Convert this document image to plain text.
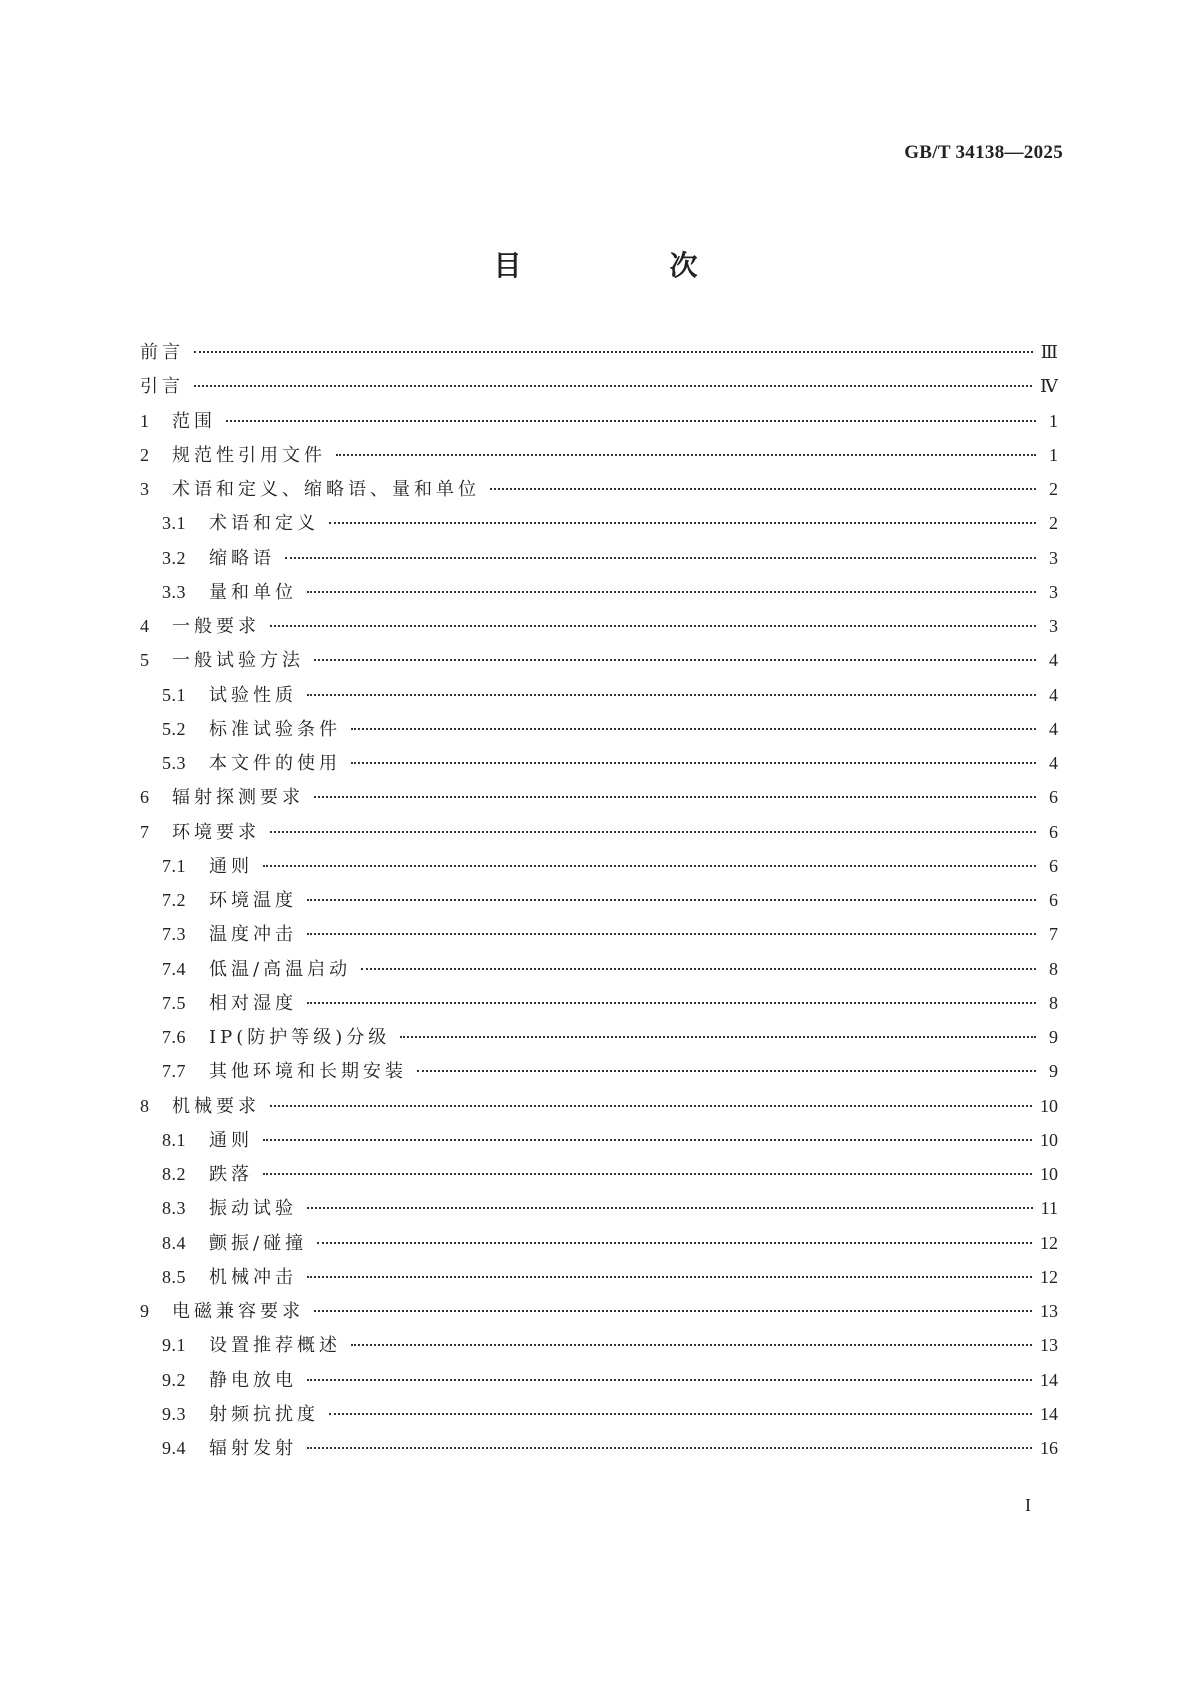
GB/T 34138—2025
目　次
前言	Ⅲ
引言	Ⅳ
1	范围	1
2	规范性引用文件	1
3	术语和定义、缩略语、量和单位	2
3.1	术语和定义	2
3.2	缩略语	3
3.3	量和单位	3
4	一般要求	3
5	一般试验方法	4
5.1	试验性质	4
5.2	标准试验条件	4
5.3	本文件的使用	4
6	辐射探测要求	6
7	环境要求	6
7.1	通则	6
7.2	环境温度	6
7.3	温度冲击	7
7.4	低温/高温启动	8
7.5	相对湿度	8
7.6	IP(防护等级)分级	9
7.7	其他环境和长期安装	9
8	机械要求	10
8.1	通则	10
8.2	跌落	10
8.3	振动试验	11
8.4	颤振/碰撞	12
8.5	机械冲击	12
9	电磁兼容要求	13
9.1	设置推荐概述	13
9.2	静电放电	14
9.3	射频抗扰度	14
9.4	辐射发射	16
I
